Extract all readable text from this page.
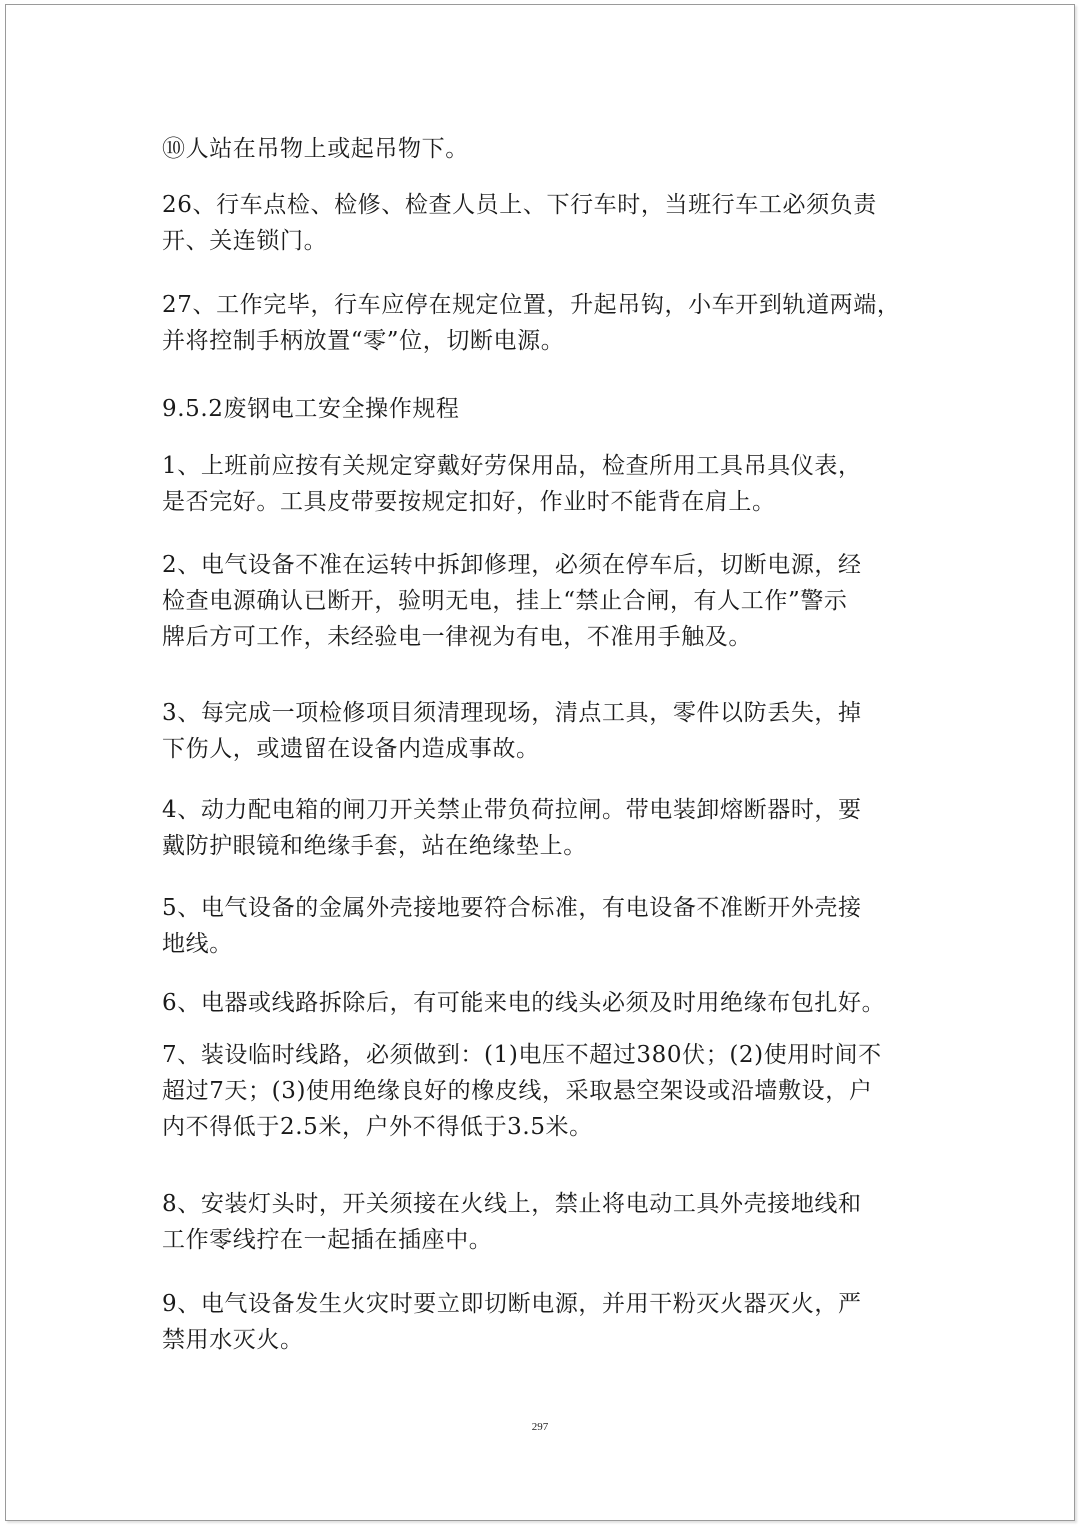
⑩人站在吊物上或起吊物下。
26、行车点检、检修、检查人员上、下行车时，当班行车工必须负责
开、关连锁门。
27、工作完毕，行车应停在规定位置，升起吊钩，小车开到轨道两端，
并将控制手柄放置“零”位，切断电源。
9.5.2废钢电工安全操作规程
1、上班前应按有关规定穿戴好劳保用品，检查所用工具吊具仪表，
是否完好。工具皮带要按规定扣好，作业时不能背在肩上。
2、电气设备不准在运转中拆卸修理，必须在停车后，切断电源，经
检查电源确认已断开，验明无电，挂上“禁止合闸，有人工作”警示
牌后方可工作，未经验电一律视为有电，不准用手触及。
3、每完成一项检修项目须清理现场，清点工具，零件以防丢失，掉
下伤人，或遗留在设备内造成事故。
4、动力配电箱的闸刀开关禁止带负荷拉闸。带电装卸熔断器时，要
戴防护眼镜和绝缘手套，站在绝缘垫上。
5、电气设备的金属外壳接地要符合标准，有电设备不准断开外壳接
地线。
6、电器或线路拆除后，有可能来电的线头必须及时用绝缘布包扎好。
7、装设临时线路，必须做到：(1)电压不超过380伏；(2)使用时间不
超过7天；(3)使用绝缘良好的橡皮线，采取悬空架设或沿墙敷设，户
内不得低于2.5米，户外不得低于3.5米。
8、安装灯头时，开关须接在火线上，禁止将电动工具外壳接地线和
工作零线拧在一起插在插座中。
9、电气设备发生火灾时要立即切断电源，并用干粉灭火器灭火，严
禁用水灭火。
297
